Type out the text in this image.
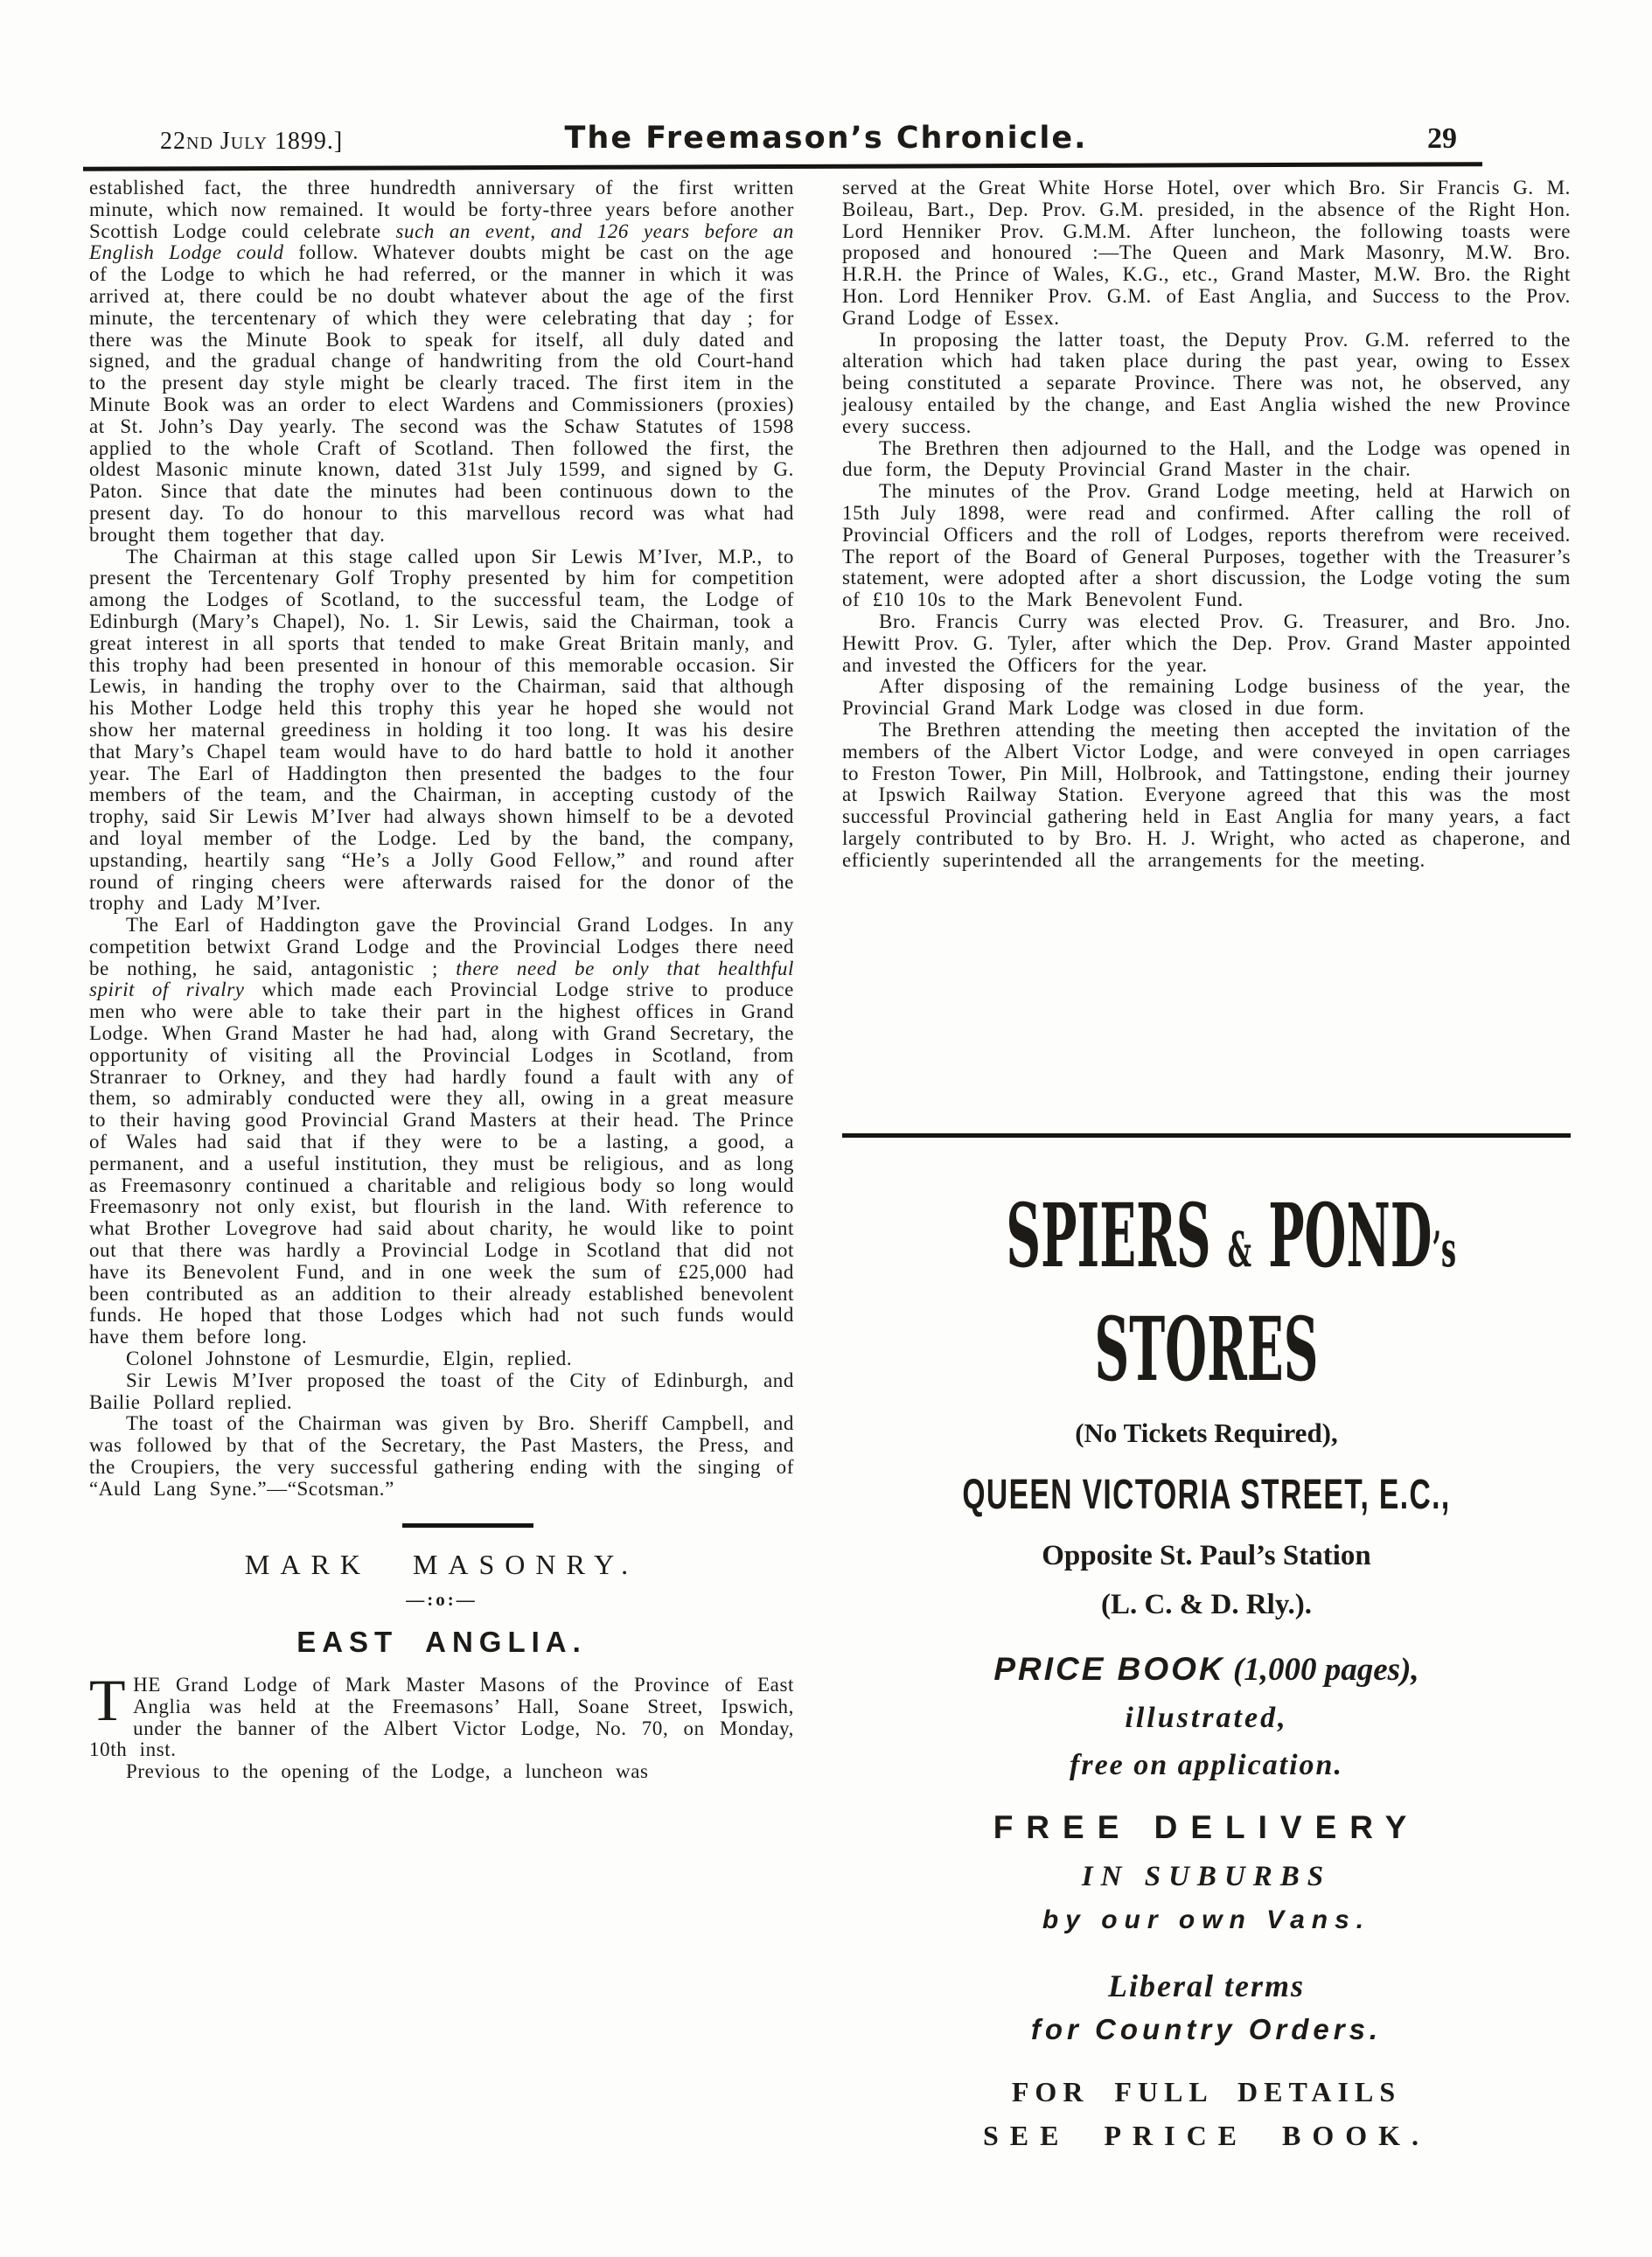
22nd July 1899.]	The Freemason’s Chronicle.	29

established fact, the three hundredth anniversary of the first written minute, which now remained. It would be forty-three years before another Scottish Lodge could celebrate such an event, and 126 years before an English Lodge could follow. Whatever doubts might be cast on the age of the Lodge to which he had referred, or the manner in which it was arrived at, there could be no doubt whatever about the age of the first minute, the tercentenary of which they were celebrating that day ; for there was the Minute Book to speak for itself, all duly dated and signed, and the gradual change of handwriting from the old Court-hand to the present day style might be clearly traced. The first item in the Minute Book was an order to elect Wardens and Commissioners (proxies) at St. John’s Day yearly. The second was the Schaw Statutes of 1598 applied to the whole Craft of Scotland. Then followed the first, the oldest Masonic minute known, dated 31st July 1599, and signed by G. Paton. Since that date the minutes had been continuous down to the present day. To do honour to this marvellous record was what had brought them together that day.

The Chairman at this stage called upon Sir Lewis M’Iver, M.P., to present the Tercentenary Golf Trophy presented by him for competition among the Lodges of Scotland, to the successful team, the Lodge of Edinburgh (Mary’s Chapel), No. 1. Sir Lewis, said the Chairman, took a great interest in all sports that tended to make Great Britain manly, and this trophy had been presented in honour of this memorable occasion. Sir Lewis, in handing the trophy over to the Chairman, said that although his Mother Lodge held this trophy this year he hoped she would not show her maternal greediness in holding it too long. It was his desire that Mary’s Chapel team would have to do hard battle to hold it another year. The Earl of Haddington then presented the badges to the four members of the team, and the Chairman, in accepting custody of the trophy, said Sir Lewis M’Iver had always shown himself to be a devoted and loyal member of the Lodge. Led by the band, the company, upstanding, heartily sang “He’s a Jolly Good Fellow,” and round after round of ringing cheers were afterwards raised for the donor of the trophy and Lady M’Iver.

The Earl of Haddington gave the Provincial Grand Lodges. In any competition betwixt Grand Lodge and the Provincial Lodges there need be nothing, he said, antagonistic ; there need be only that healthful spirit of rivalry which made each Provincial Lodge strive to produce men who were able to take their part in the highest offices in Grand Lodge. When Grand Master he had had, along with Grand Secretary, the opportunity of visiting all the Provincial Lodges in Scotland, from Stranraer to Orkney, and they had hardly found a fault with any of them, so admirably conducted were they all, owing in a great measure to their having good Provincial Grand Masters at their head. The Prince of Wales had said that if they were to be a lasting, a good, a permanent, and a useful institution, they must be religious, and as long as Freemasonry continued a charitable and religious body so long would Freemasonry not only exist, but flourish in the land. With reference to what Brother Lovegrove had said about charity, he would like to point out that there was hardly a Provincial Lodge in Scotland that did not have its Benevolent Fund, and in one week the sum of £25,000 had been contributed as an addition to their already established benevolent funds. He hoped that those Lodges which had not such funds would have them before long.

Colonel Johnstone of Lesmurdie, Elgin, replied.

Sir Lewis M’Iver proposed the toast of the City of Edinburgh, and Bailie Pollard replied.

The toast of the Chairman was given by Bro. Sheriff Campbell, and was followed by that of the Secretary, the Past Masters, the Press, and the Croupiers, the very successful gathering ending with the singing of “Auld Lang Syne.”—“Scotsman.”

MARK MASONRY.
—:o:—
EAST ANGLIA.

THE Grand Lodge of Mark Master Masons of the Province of East Anglia was held at the Freemasons’ Hall, Soane Street, Ipswich, under the banner of the Albert Victor Lodge, No. 70, on Monday, 10th inst.

Previous to the opening of the Lodge, a luncheon was

served at the Great White Horse Hotel, over which Bro. Sir Francis G. M. Boileau, Bart., Dep. Prov. G.M. presided, in the absence of the Right Hon. Lord Henniker Prov. G.M.M. After luncheon, the following toasts were proposed and honoured :—The Queen and Mark Masonry, M.W. Bro. H.R.H. the Prince of Wales, K.G., etc., Grand Master, M.W. Bro. the Right Hon. Lord Henniker Prov. G.M. of East Anglia, and Success to the Prov. Grand Lodge of Essex.

In proposing the latter toast, the Deputy Prov. G.M. referred to the alteration which had taken place during the past year, owing to Essex being constituted a separate Province. There was not, he observed, any jealousy entailed by the change, and East Anglia wished the new Province every success.

The Brethren then adjourned to the Hall, and the Lodge was opened in due form, the Deputy Provincial Grand Master in the chair.

The minutes of the Prov. Grand Lodge meeting, held at Harwich on 15th July 1898, were read and confirmed. After calling the roll of Provincial Officers and the roll of Lodges, reports therefrom were received. The report of the Board of General Purposes, together with the Treasurer’s statement, were adopted after a short discussion, the Lodge voting the sum of £10 10s to the Mark Benevolent Fund.

Bro. Francis Curry was elected Prov. G. Treasurer, and Bro. Jno. Hewitt Prov. G. Tyler, after which the Dep. Prov. Grand Master appointed and invested the Officers for the year.

After disposing of the remaining Lodge business of the year, the Provincial Grand Mark Lodge was closed in due form.

The Brethren attending the meeting then accepted the invitation of the members of the Albert Victor Lodge, and were conveyed in open carriages to Freston Tower, Pin Mill, Holbrook, and Tattingstone, ending their journey at Ipswich Railway Station. Everyone agreed that this was the most successful Provincial gathering held in East Anglia for many years, a fact largely contributed to by Bro. H. J. Wright, who acted as chaperone, and efficiently superintended all the arrangements for the meeting.

SPIERS & POND’s
STORES
(No Tickets Required),
QUEEN VICTORIA STREET, E.C.,
Opposite St. Paul’s Station
(L. C. & D. Rly.).
PRICE BOOK (1,000 pages),
illustrated,
free on application.
FREE DELIVERY
IN SUBURBS
by our own Vans.
Liberal terms
for Country Orders.
FOR FULL DETAILS
SEE PRICE BOOK.
